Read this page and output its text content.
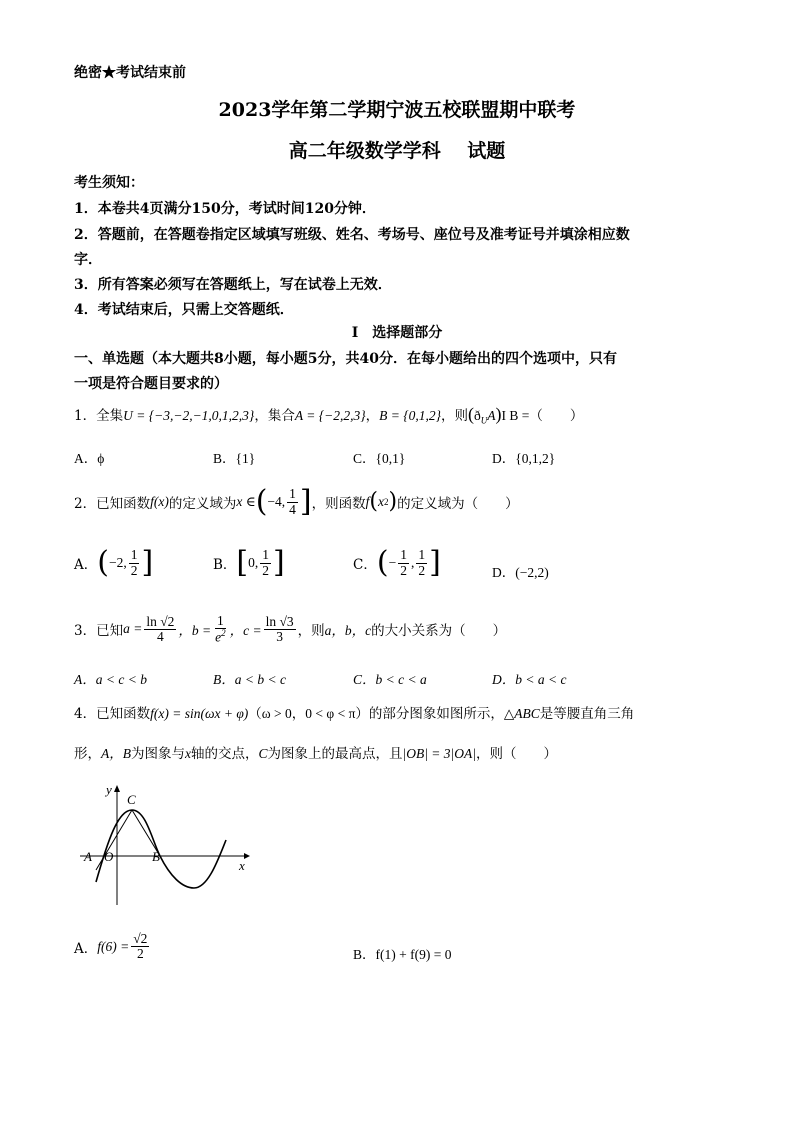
绝密★考试结束前
2023学年第二学期宁波五校联盟期中联考
高二年级数学学科    试题
考生须知：
1．本卷共4页满分150分，考试时间120分钟．
2．答题前，在答题卷指定区域填写班级、姓名、考场号、座位号及准考证号并填涂相应数
字．
3．所有答案必须写在答题纸上，写在试卷上无效．
4．考试结束后，只需上交答题纸．
Ⅰ　选择题部分
一、单选题（本大题共8小题，每小题5分，共40分．在每小题给出的四个选项中，只有
一项是符合题目要求的）
1．全集U = {−3,−2,−1,0,1,2,3}，集合A = {−2,2,3}，B = {0,1,2}，则$(ð_UA)I$ B =（　　）
A．ϕ	B．{1}	C．{0,1}	D．{0,1,2}
2． 已知函数 f(x) 的定义域为 x ∈ ( −4, $\frac{1}{4}$ ] ，则函数 f ( x 2 ) 的定义域为（　　）
A． ( −2, $\frac{1}{2}$ ]	B． [ 0, $\frac{1}{2}$ ]	C． ( − $\frac{1}{2}$ , $\frac{1}{2}$ ]	D．(−2,2)
3． 已知 $a = \frac{\ln √2}{4}$ ，$b = \frac{1}{e^2}$ ，$c = \frac{\ln √3}{3}$ ，则 a，b，c 的大小关系为（　　）
A．a < c < b	B．a < b < c	C．b < c < a	D．b < a < c
4．已知函数f(x) = sin(ωx + φ)（ω > 0，0 < φ < π）的部分图象如图所示，△ABC是等腰直角三角
形，A，B为图象与x轴的交点，C为图象上的最高点，且|OB| = 3|OA|，则（　　）
y
x
C
A O	B
A． $f(6) = \frac{√2}{2}$	B．f(1) + f(9) = 0
